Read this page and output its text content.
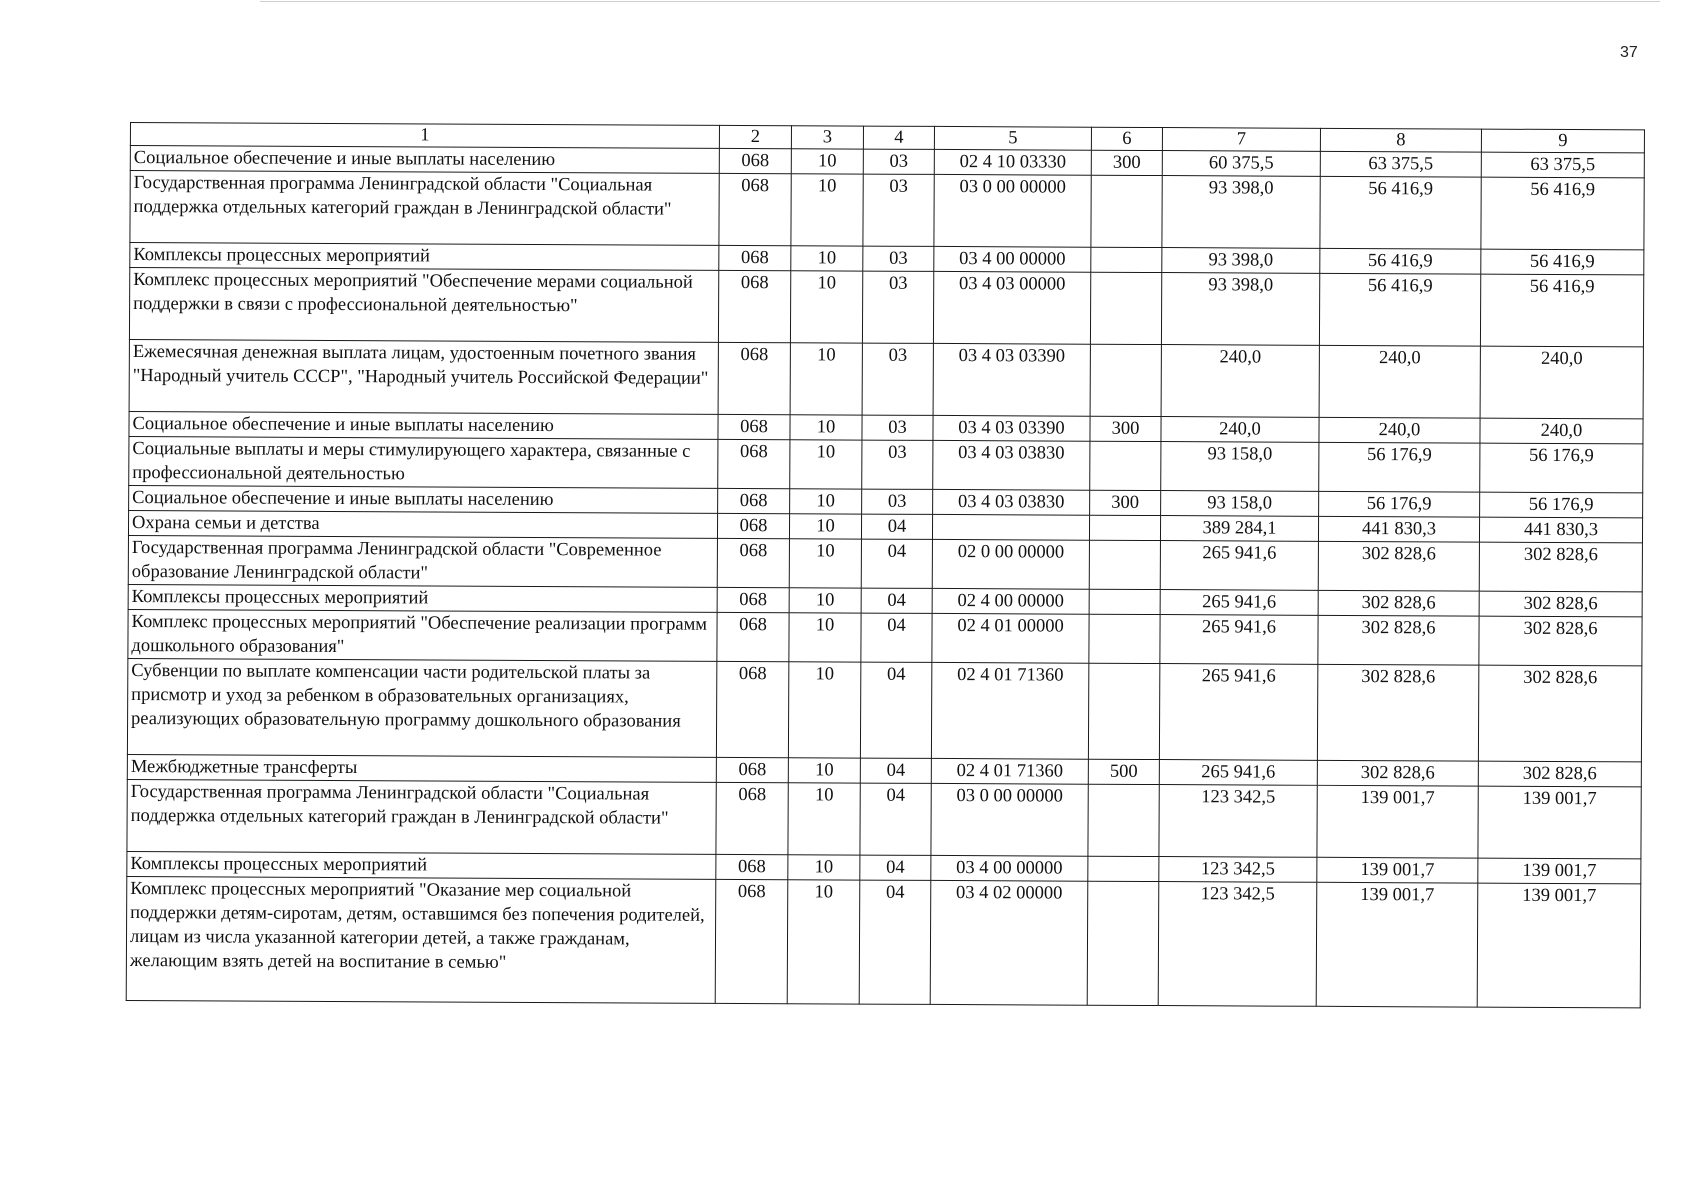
37
1	2	3	4	5	6	7	8	9
Социальное обеспечение и иные выплаты населению	068	10	03	02 4 10 03330	300	60 375,5	63 375,5	63 375,5
Государственная программа Ленинградской области "Социальная поддержка отдельных категорий граждан в Ленинградской области"	068	10	03	03 0 00 00000		93 398,0	56 416,9	56 416,9
Комплексы процессных мероприятий	068	10	03	03 4 00 00000		93 398,0	56 416,9	56 416,9
Комплекс процессных мероприятий "Обеспечение мерами социальной поддержки в связи с профессиональной деятельностью"	068	10	03	03 4 03 00000		93 398,0	56 416,9	56 416,9
Ежемесячная денежная выплата лицам, удостоенным почетного звания "Народный учитель СССР", "Народный учитель Российской Федерации"	068	10	03	03 4 03 03390		240,0	240,0	240,0
Социальное обеспечение и иные выплаты населению	068	10	03	03 4 03 03390	300	240,0	240,0	240,0
Социальные выплаты и меры стимулирующего характера, связанные с профессиональной деятельностью	068	10	03	03 4 03 03830		93 158,0	56 176,9	56 176,9
Социальное обеспечение и иные выплаты населению	068	10	03	03 4 03 03830	300	93 158,0	56 176,9	56 176,9
Охрана семьи и детства	068	10	04			389 284,1	441 830,3	441 830,3
Государственная программа Ленинградской области "Современное образование Ленинградской области"	068	10	04	02 0 00 00000		265 941,6	302 828,6	302 828,6
Комплексы процессных мероприятий	068	10	04	02 4 00 00000		265 941,6	302 828,6	302 828,6
Комплекс процессных мероприятий "Обеспечение реализации программ дошкольного образования"	068	10	04	02 4 01 00000		265 941,6	302 828,6	302 828,6
Субвенции по выплате компенсации части родительской платы за присмотр и уход за ребенком в образовательных организациях, реализующих образовательную программу дошкольного образования	068	10	04	02 4 01 71360		265 941,6	302 828,6	302 828,6
Межбюджетные трансферты	068	10	04	02 4 01 71360	500	265 941,6	302 828,6	302 828,6
Государственная программа Ленинградской области "Социальная поддержка отдельных категорий граждан в Ленинградской области"	068	10	04	03 0 00 00000		123 342,5	139 001,7	139 001,7
Комплексы процессных мероприятий	068	10	04	03 4 00 00000		123 342,5	139 001,7	139 001,7
Комплекс процессных мероприятий "Оказание мер социальной поддержки детям-сиротам, детям, оставшимся без попечения родителей, лицам из числа указанной категории детей, а также гражданам, желающим взять детей на воспитание в семью"	068	10	04	03 4 02 00000		123 342,5	139 001,7	139 001,7
